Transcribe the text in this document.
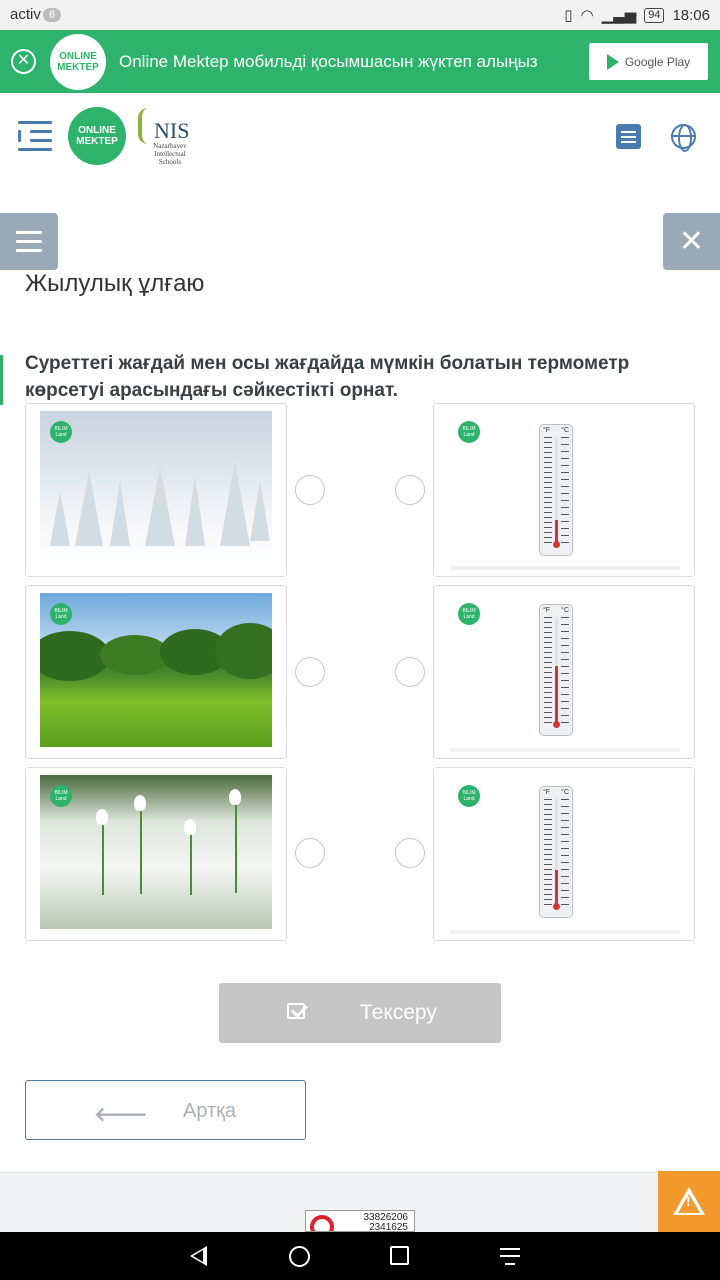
activ 6	▯ ◠ ▁▃▅	94 18:06
✕	ONLINE MEKTEP	Online Mektep мобильді қосымшасын жүктеп алыңыз	Google Play
ONLINE MEKTEP	NIS
Nazarbayev Intellectual Schools
✕
Жылулық ұлғаю

Суреттегі жағдай мен осы жағдайда мүмкін болатын термометр көрсетуі арасындағы сәйкестікті орнат.

BILIM Land
BILIM Land
BILIM Land
BILIM Land
°F °C
BILIM Land
°F °C
BILIM Land
°F °C
Тексеру
🡐 Артқа
33826206
2341625
!
